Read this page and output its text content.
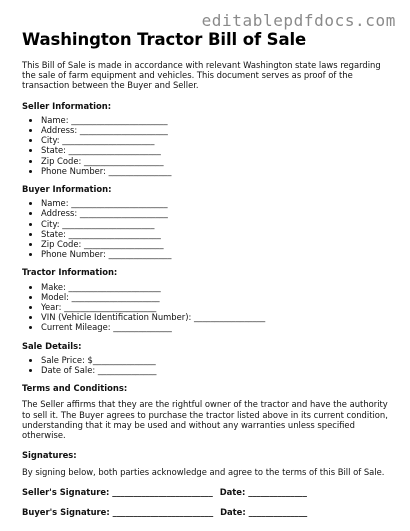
editablepdfdocs.com
Washington Tractor Bill of Sale

This Bill of Sale is made in accordance with relevant Washington state laws regarding the sale of farm equipment and vehicles. This document serves as proof of the transaction between the Buyer and Seller.

Seller Information:
• Name: _______________________
• Address: _____________________
• City: ______________________
• State: ______________________
• Zip Code: ___________________
• Phone Number: _______________
Buyer Information:
• Name: _______________________
• Address: _____________________
• City: ______________________
• State: ______________________
• Zip Code: ___________________
• Phone Number: _______________
Tractor Information:
• Make: ______________________
• Model: _____________________
• Year: ______________________
• VIN (Vehicle Identification Number): _________________
• Current Mileage: ______________
Sale Details:
• Sale Price: $_______________
• Date of Sale: ______________
Terms and Conditions:

The Seller affirms that they are the rightful owner of the tractor and have the authority to sell it. The Buyer agrees to purchase the tractor listed above in its current condition, understanding that it may be used and without any warranties unless specified otherwise.

Signatures:

By signing below, both parties acknowledge and agree to the terms of this Bill of Sale.

Seller's Signature: ________________________ Date: ______________
Buyer's Signature: ________________________ Date: ______________
